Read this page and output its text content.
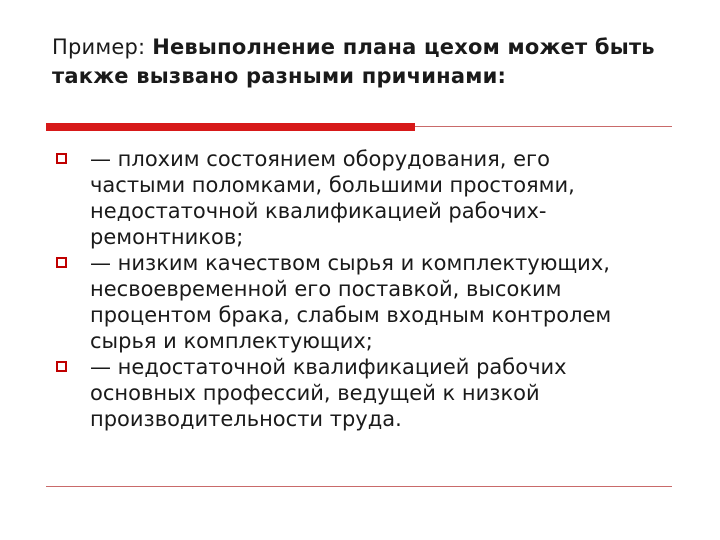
Пример: Невыполнение плана цехом может быть также вызвано разными причинами:
— плохим состоянием оборудования, его частыми поломками, большими простоями, недостаточной квалификацией рабочих-ремонтников;
— низким качеством сырья и комплектующих, несвоевременной его поставкой, высоким процентом брака, слабым входным контролем сырья и комплектующих;
— недостаточной квалификацией рабочих основных профессий, ведущей к низкой производительности труда.
